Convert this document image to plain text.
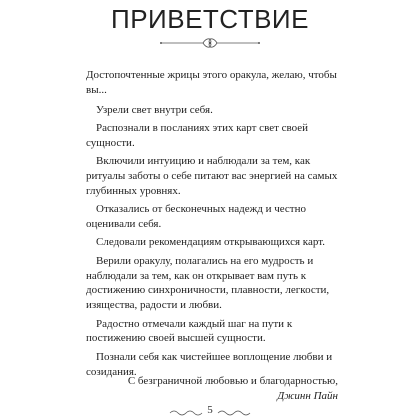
ПРИВЕТСТВИЕ
Достопочтенные жрицы этого оракула, желаю, чтобы вы...
Узрели свет внутри себя.
Распознали в посланиях этих карт свет своей сущности.
Включили интуицию и наблюдали за тем, как ритуалы заботы о себе питают вас энергией на самых глубинных уровнях.
Отказались от бесконечных надежд и честно оценивали себя.
Следовали рекомендациям открывающихся карт.
Верили оракулу, полагались на его мудрость и наблюдали за тем, как он открывает вам путь к достижению синхроничности, плавности, легкости, изящества, радости и любви.
Радостно отмечали каждый шаг на пути к постижению своей высшей сущности.
Познали себя как чистейшее воплощение любви и созидания.
С безграничной любовью и благодарностью,
Джинн Пайн
5
